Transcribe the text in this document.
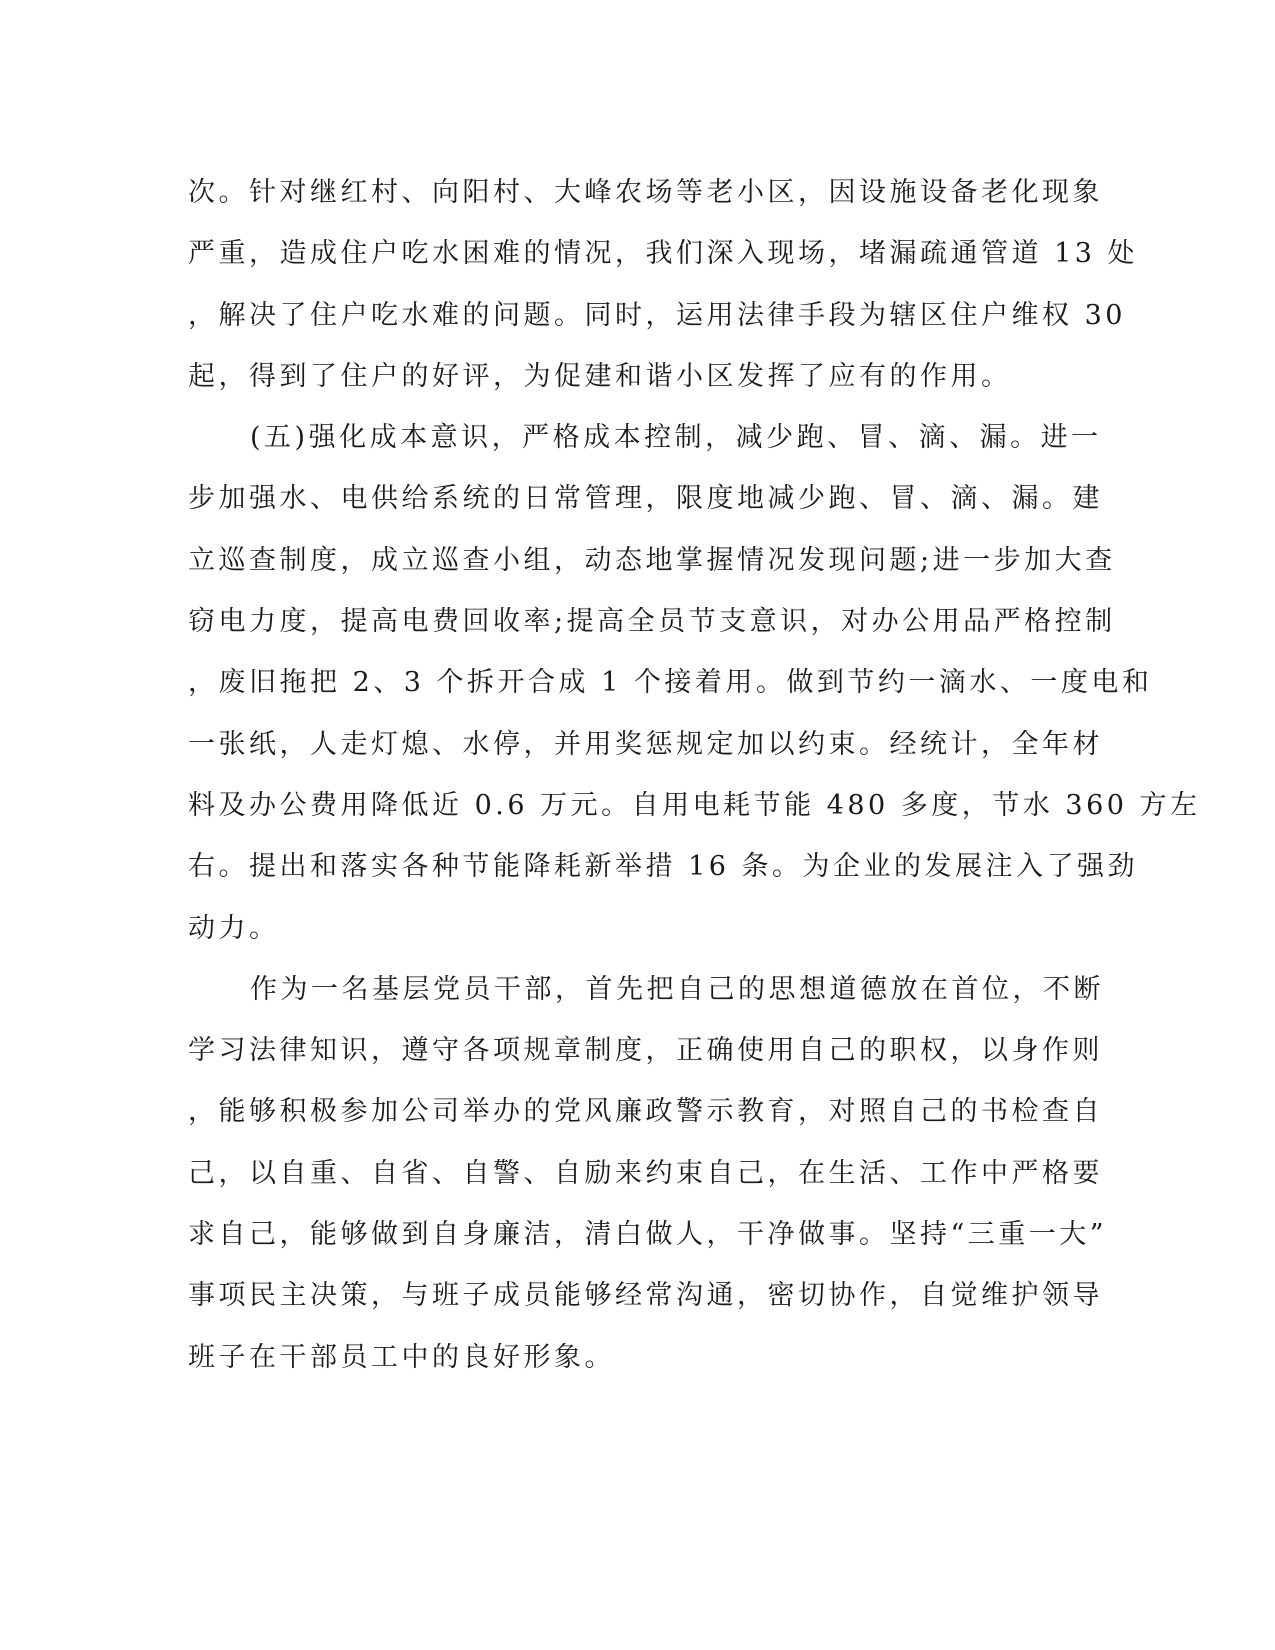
次。针对继红村、向阳村、大峰农场等老小区，因设施设备老化现象
严重，造成住户吃水困难的情况，我们深入现场，堵漏疏通管道 13 处
，解决了住户吃水难的问题。同时，运用法律手段为辖区住户维权 30
起，得到了住户的好评，为促建和谐小区发挥了应有的作用。
(五)强化成本意识，严格成本控制，减少跑、冒、滴、漏。进一
步加强水、电供给系统的日常管理，限度地减少跑、冒、滴、漏。建
立巡查制度，成立巡查小组，动态地掌握情况发现问题;进一步加大查
窃电力度，提高电费回收率;提高全员节支意识，对办公用品严格控制
，废旧拖把 2、3 个拆开合成 1 个接着用。做到节约一滴水、一度电和
一张纸，人走灯熄、水停，并用奖惩规定加以约束。经统计，全年材
料及办公费用降低近 0.6 万元。自用电耗节能 480 多度，节水 360 方左
右。提出和落实各种节能降耗新举措 16 条。为企业的发展注入了强劲
动力。
作为一名基层党员干部，首先把自己的思想道德放在首位，不断
学习法律知识，遵守各项规章制度，正确使用自己的职权，以身作则
，能够积极参加公司举办的党风廉政警示教育，对照自己的书检查自
己，以自重、自省、自警、自励来约束自己，在生活、工作中严格要
求自己，能够做到自身廉洁，清白做人，干净做事。坚持“三重一大”
事项民主决策，与班子成员能够经常沟通，密切协作，自觉维护领导
班子在干部员工中的良好形象。
